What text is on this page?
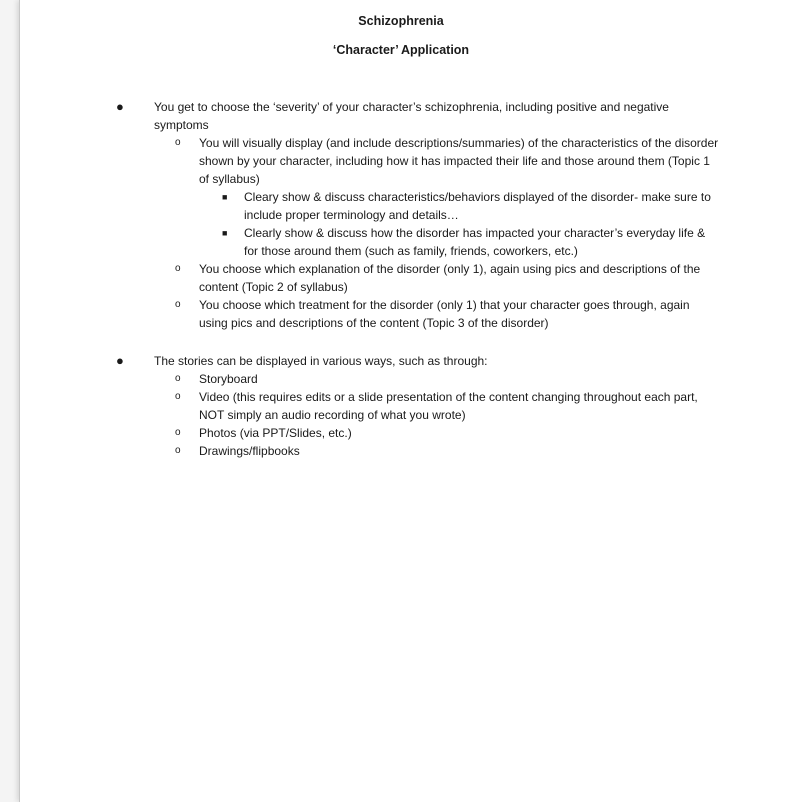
Schizophrenia
‘Character’ Application
●	You get to choose the ‘severity’ of your character’s schizophrenia, including positive and negative symptoms
o You will visually display (and include descriptions/summaries) of the characteristics of the disorder shown by your character, including how it has impacted their life and those around them (Topic 1 of syllabus)
■ Cleary show & discuss characteristics/behaviors displayed of the disorder- make sure to include proper terminology and details…
■ Clearly show & discuss how the disorder has impacted your character’s everyday life & for those around them (such as family, friends, coworkers, etc.)
o You choose which explanation of the disorder (only 1), again using pics and descriptions of the content (Topic 2 of syllabus)
o You choose which treatment for the disorder (only 1) that your character goes through, again using pics and descriptions of the content (Topic 3 of the disorder)
●	The stories can be displayed in various ways, such as through:
o Storyboard
o Video (this requires edits or a slide presentation of the content changing throughout each part, NOT simply an audio recording of what you wrote)
o Photos (via PPT/Slides, etc.)
o Drawings/flipbooks
